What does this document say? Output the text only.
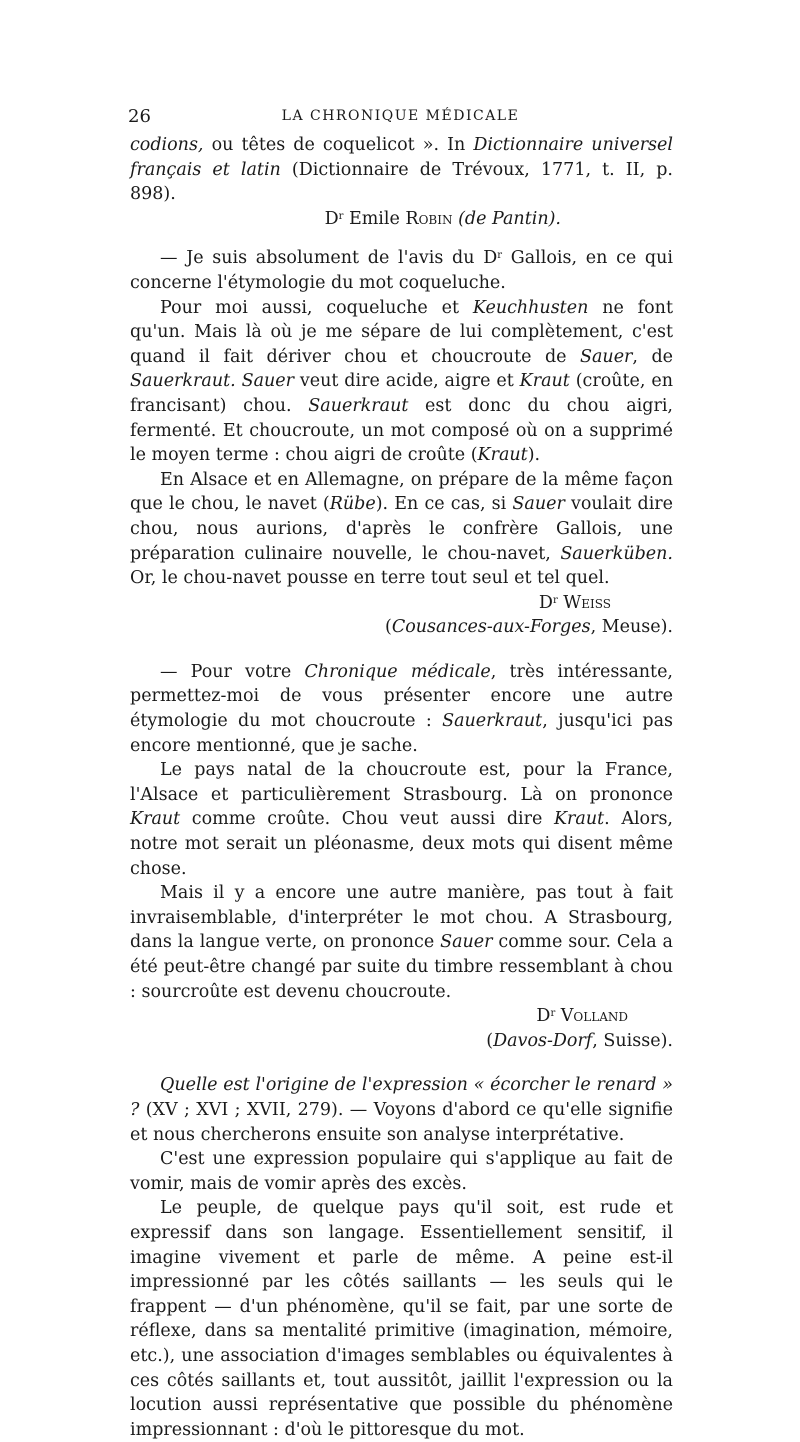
26	LA CHRONIQUE MÉDICALE

codions, ou têtes de coquelicot ». In Dictionnaire universel français et latin (Dictionnaire de Trévoux, 1771, t. II, p. 898).

$D^r$ Emile Robin (de Pantin).

— Je suis absolument de l'avis du $D^r$ Gallois, en ce qui concerne l'étymologie du mot coqueluche.

Pour moi aussi, coqueluche et Keuchhusten ne font qu'un. Mais là où je me sépare de lui complètement, c'est quand il fait dériver chou et choucroute de Sauer, de Sauerkraut. Sauer veut dire acide, aigre et Kraut (croûte, en francisant) chou. Sauerkraut est donc du chou aigri, fermenté. Et choucroute, un mot composé où on a supprimé le moyen terme : chou aigri de croûte (Kraut).

En Alsace et en Allemagne, on prépare de la même façon que le chou, le navet (Rübe). En ce cas, si Sauer voulait dire chou, nous aurions, d'après le confrère Gallois, une préparation culinaire nouvelle, le chou-navet, Sauerküben. Or, le chou-navet pousse en terre tout seul et tel quel.

$D^r$ Weiss

(Cousances-aux-Forges, Meuse).

— Pour votre Chronique médicale, très intéressante, permettez-moi de vous présenter encore une autre étymologie du mot choucroute : Sauerkraut, jusqu'ici pas encore mentionné, que je sache.

Le pays natal de la choucroute est, pour la France, l'Alsace et particulièrement Strasbourg. Là on prononce Kraut comme croûte. Chou veut aussi dire Kraut. Alors, notre mot serait un pléonasme, deux mots qui disent même chose.

Mais il y a encore une autre manière, pas tout à fait invraisemblable, d'interpréter le mot chou. A Strasbourg, dans la langue verte, on prononce Sauer comme sour. Cela a été peut-être changé par suite du timbre ressemblant à chou : sourcroûte est devenu choucroute.

$D^r$ Volland

(Davos-Dorf, Suisse).

Quelle est l'origine de l'expression « écorcher le renard » ? (XV ; XVI ; XVII, 279). — Voyons d'abord ce qu'elle signifie et nous chercherons ensuite son analyse interprétative.

C'est une expression populaire qui s'applique au fait de vomir, mais de vomir après des excès.

Le peuple, de quelque pays qu'il soit, est rude et expressif dans son langage. Essentiellement sensitif, il imagine vivement et parle de même. A peine est-il impressionné par les côtés saillants — les seuls qui le frappent — d'un phénomène, qu'il se fait, par une sorte de réflexe, dans sa mentalité primitive (imagination, mémoire, etc.), une association d'images semblables ou équivalentes à ces côtés saillants et, tout aussitôt, jaillit l'expression ou la locution aussi représentative que possible du phénomène impressionnant : d'où le pittoresque du mot.
